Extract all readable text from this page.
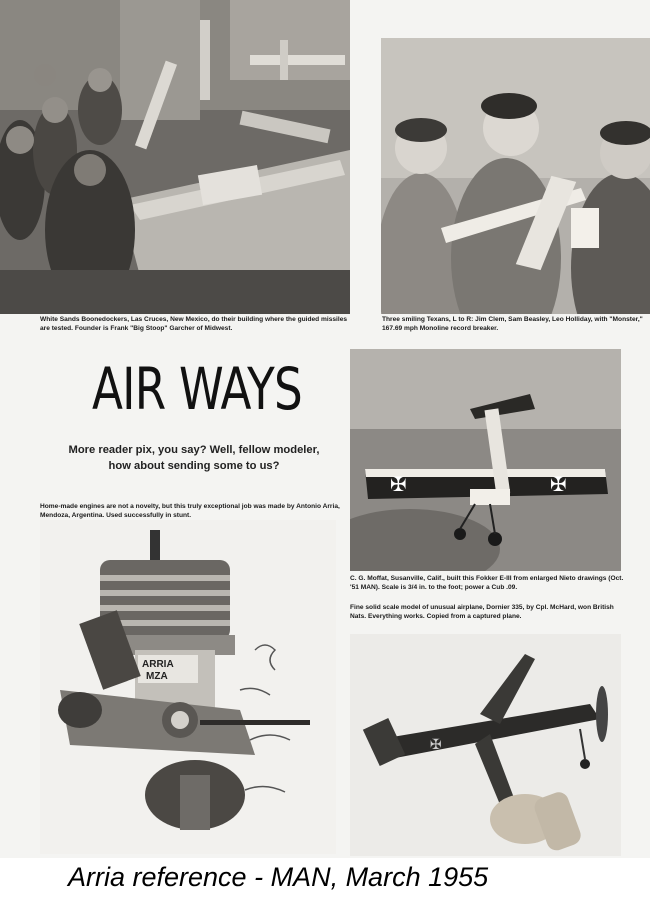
White Sands Boonedockers, Las Cruces, New Mexico, do their building where the guided missiles are tested. Founder is Frank "Big Stoop" Garcher of Midwest.
Three smiling Texans, L to R: Jim Clem, Sam Beasley, Leo Holliday, with "Monster," 167.69 mph Monoline record breaker.
AIR WAYS
More reader pix, you say? Well, fellow modeler, how about sending some to us?
Home-made engines are not a novelty, but this truly exceptional job was made by Antonio Arria, Mendoza, Argentina. Used successfully in stunt.
ARRIA
MZA
✠	✠
C. G. Moffat, Susanville, Calif., built this Fokker E-III from enlarged Nieto drawings (Oct. '51 MAN). Scale is 3/4 in. to the foot; power a Cub .09.
Fine solid scale model of unusual airplane, Dornier 335, by Cpl. McHard, won British Nats. Everything works. Copied from a captured plane.
✠
Arria reference - MAN, March 1955
